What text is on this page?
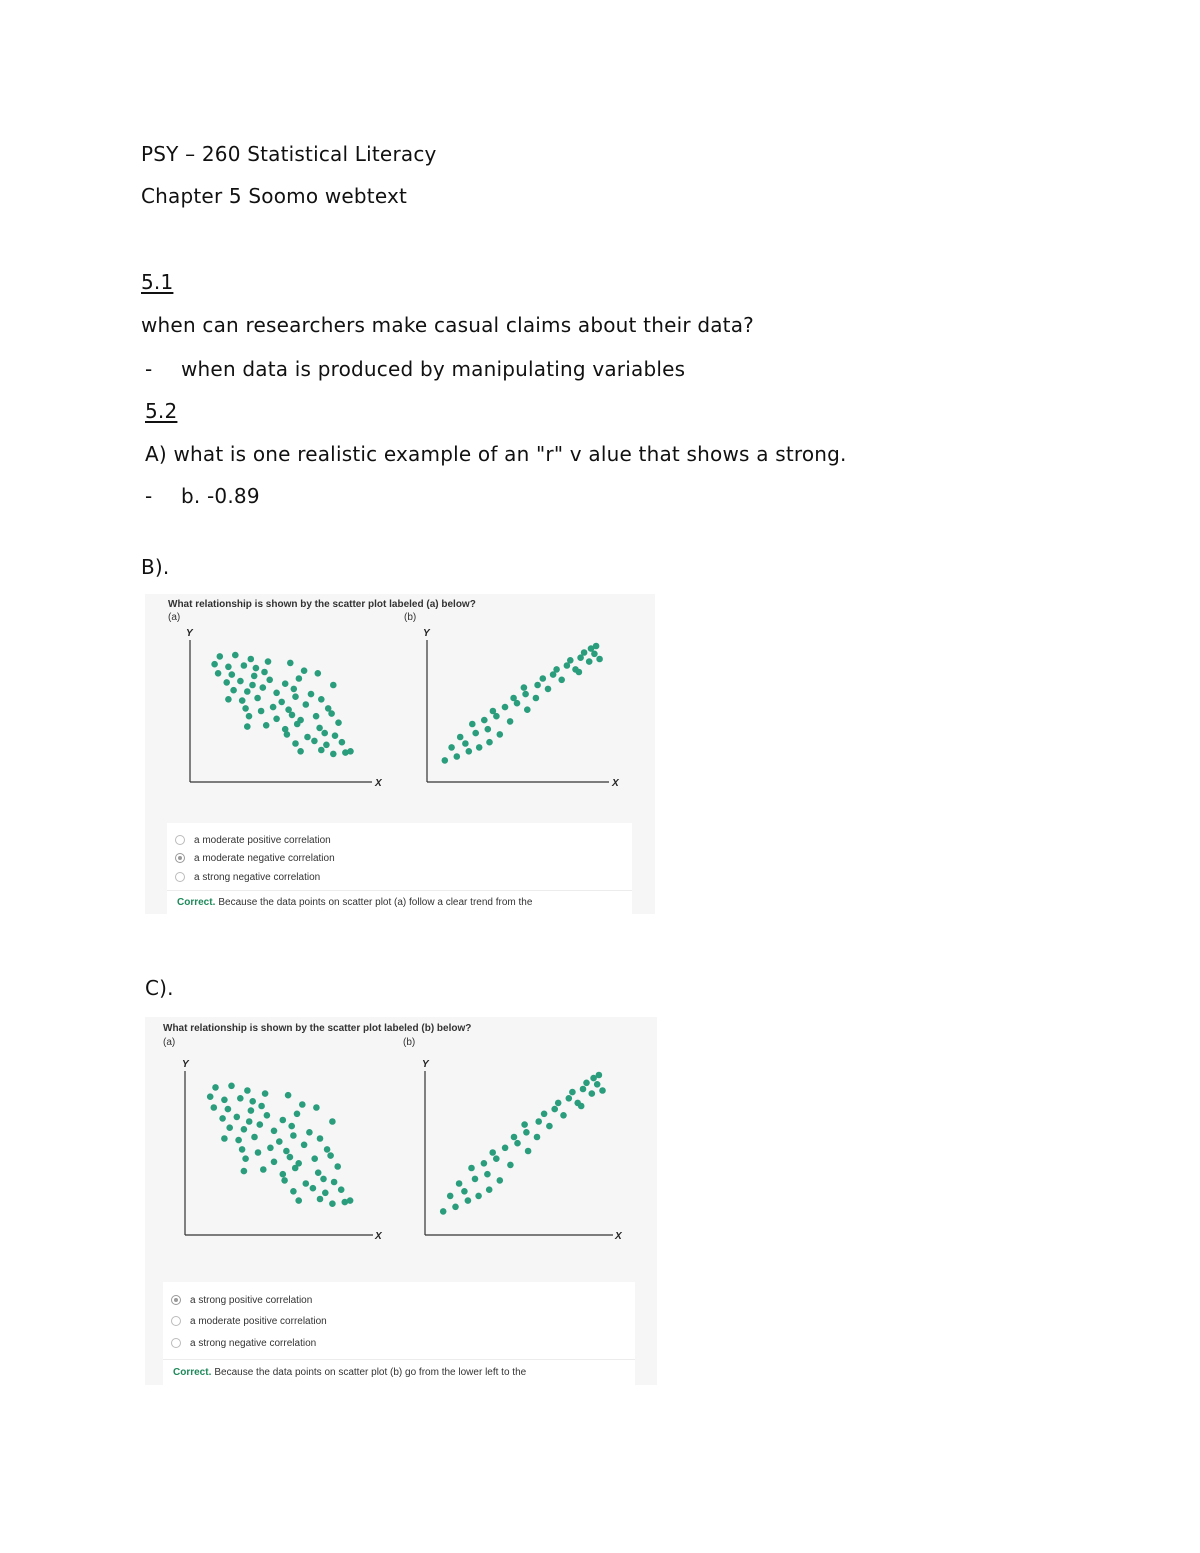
PSY – 260 Statistical Literacy
Chapter 5 Soomo webtext
5.1
when can researchers make casual claims about their data?
- when data is produced by manipulating variables
5.2
A) what is one realistic example of an "r" v alue that shows a strong.
- b. -0.89
B).
What relationship is shown by the scatter plot labeled (a) below?
(a)	(b)
Y
X
Y
X
a moderate positive correlation
a moderate negative correlation
a strong negative correlation
Correct. Because the data points on scatter plot (a) follow a clear trend from the
C).
What relationship is shown by the scatter plot labeled (b) below?
(a)	(b)
Y
X
Y
X
a strong positive correlation
a moderate positive correlation
a strong negative correlation
Correct. Because the data points on scatter plot (b) go from the lower left to the
